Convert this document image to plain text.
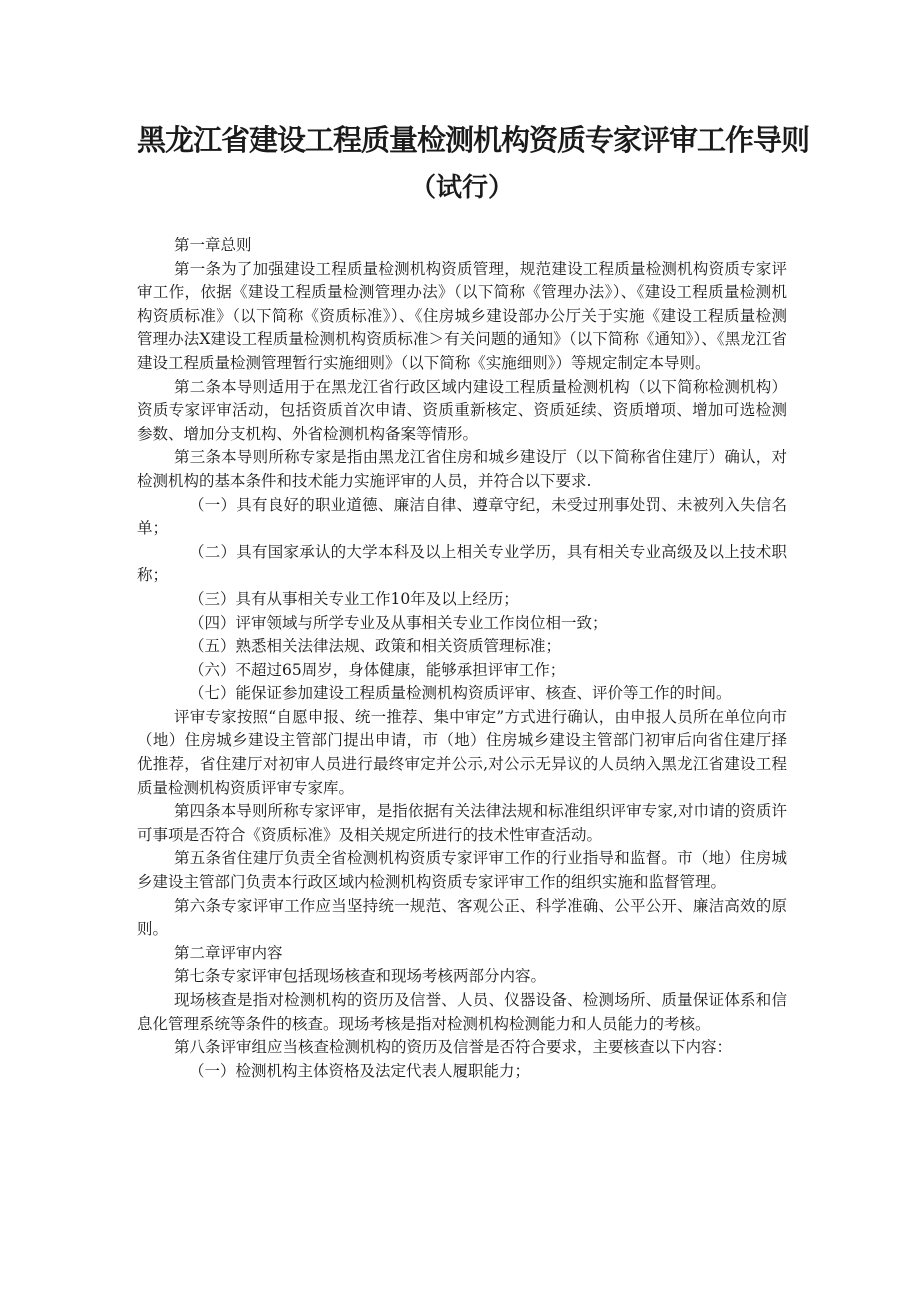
黑龙江省建设工程质量检测机构资质专家评审工作导则
（试行）

第一章总则

第一条为了加强建设工程质量检测机构资质管理，规范建设工程质量检测机构资质专家评审工作，依据《建设工程质量检测管理办法》（以下简称《管理办法》）、《建设工程质量检测机构资质标准》（以下简称《资质标准》）、《住房城乡建设部办公厅关于实施《建设工程质量检测管理办法X建设工程质量检测机构资质标准＞有关问题的通知》（以下简称《通知》）、《黑龙江省建设工程质量检测管理暂行实施细则》（以下简称《实施细则》）等规定制定本导则。

第二条本导则适用于在黑龙江省行政区域内建设工程质量检测机构（以下简称检测机构）资质专家评审活动，包括资质首次申请、资质重新核定、资质延续、资质增项、增加可选检测参数、增加分支机构、外省检测机构备案等情形。

第三条本导则所称专家是指由黑龙江省住房和城乡建设厅（以下简称省住建厅）确认，对检测机构的基本条件和技术能力实施评审的人员，并符合以下要求.

（一）具有良好的职业道德、廉洁自律、遵章守纪，未受过刑事处罚、未被列入失信名单；

（二）具有国家承认的大学本科及以上相关专业学历，具有相关专业高级及以上技术职称；

（三）具有从事相关专业工作10年及以上经历；

（四）评审领域与所学专业及从事相关专业工作岗位相一致；

（五）熟悉相关法律法规、政策和相关资质管理标准；

（六）不超过65周岁，身体健康，能够承担评审工作；

（七）能保证参加建设工程质量检测机构资质评审、核查、评价等工作的时间。

评审专家按照“自愿申报、统一推荐、集中审定”方式进行确认，由申报人员所在单位向市（地）住房城乡建设主管部门提出申请，市（地）住房城乡建设主管部门初审后向省住建厅择优推荐，省住建厅对初审人员进行最终审定并公示,对公示无异议的人员纳入黑龙江省建设工程质量检测机构资质评审专家库。

第四条本导则所称专家评审，是指依据有关法律法规和标准组织评审专家,对巾请的资质许可事项是否符合《资质标准》及相关规定所进行的技术性审查活动。

第五条省住建厅负责全省检测机构资质专家评审工作的行业指导和监督。市（地）住房城乡建设主管部门负责本行政区域内检测机构资质专家评审工作的组织实施和监督管理。

第六条专家评审工作应当坚持统一规范、客观公正、科学准确、公平公开、廉洁高效的原则。

第二章评审内容

第七条专家评审包括现场核查和现场考核两部分内容。

现场核查是指对检测机构的资历及信誉、人员、仪器设备、检测场所、质量保证体系和信息化管理系统等条件的核查。现场考核是指对检测机构检测能力和人员能力的考核。

第八条评审组应当核查检测机构的资历及信誉是否符合要求，主要核查以下内容：

（一）检测机构主体资格及法定代表人履职能力；
